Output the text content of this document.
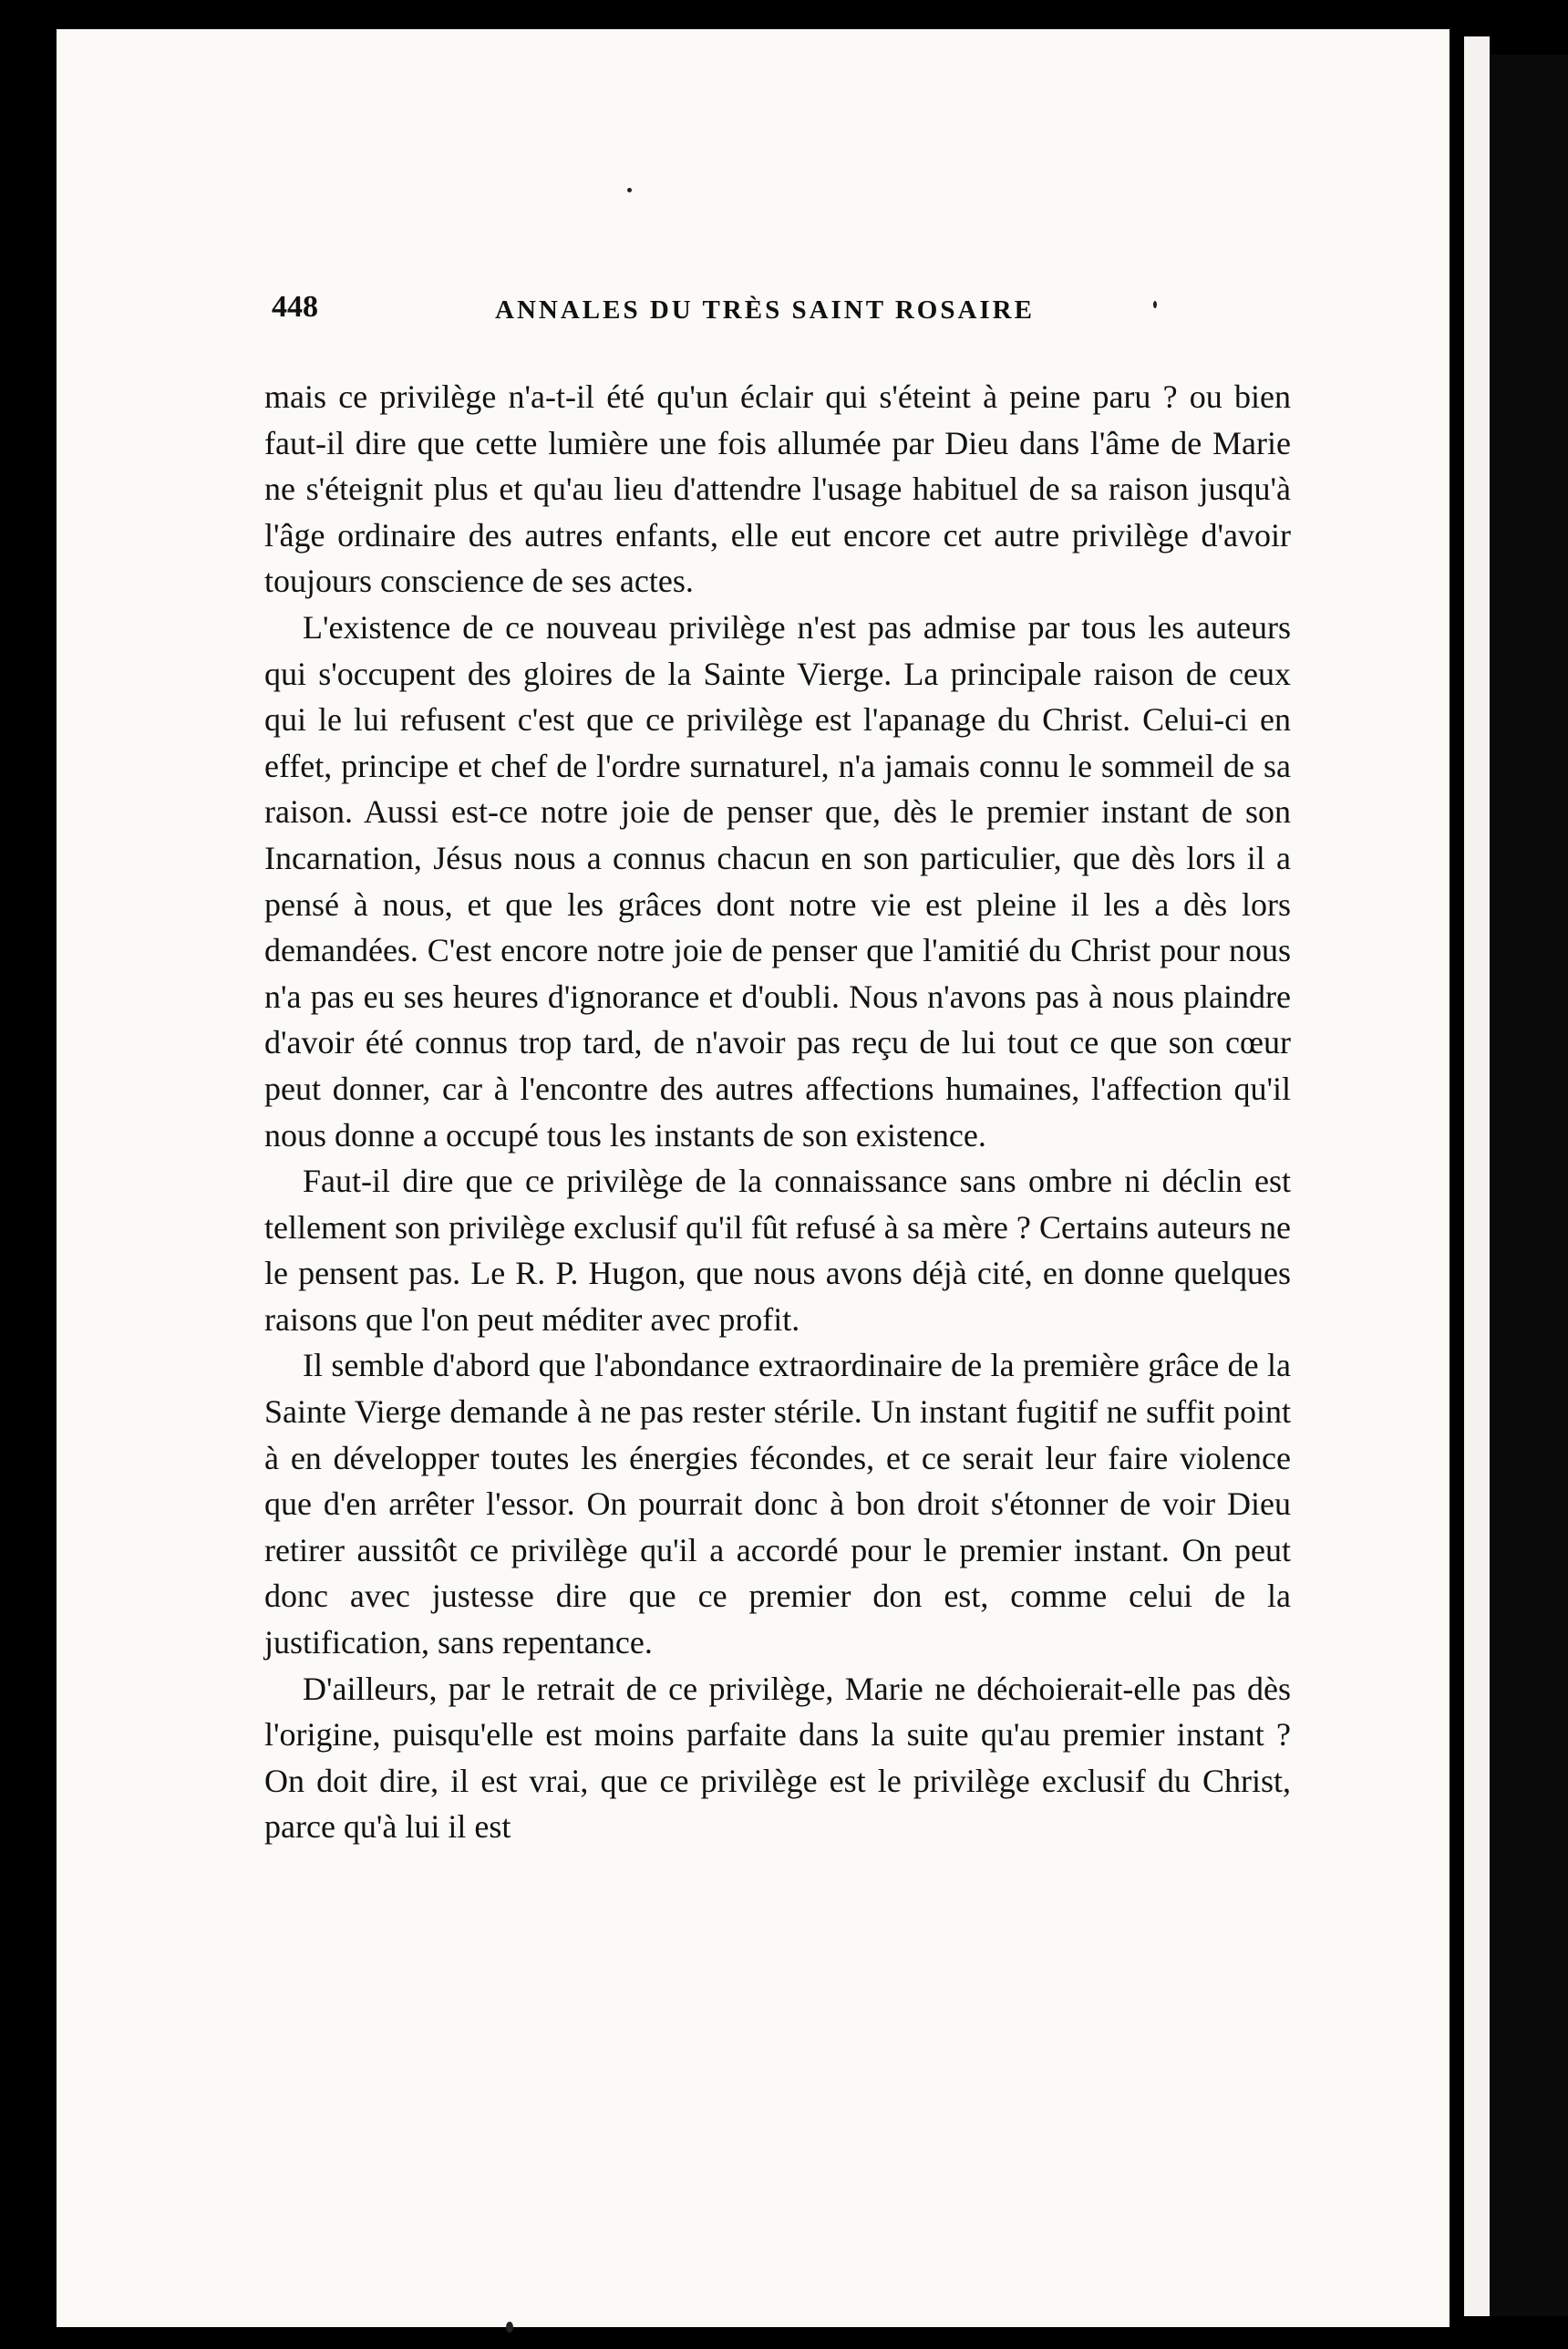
448	ANNALES DU TRÈS SAINT ROSAIRE

mais ce privilège n'a-t-il été qu'un éclair qui s'éteint à peine paru ? ou bien faut-il dire que cette lumière une fois allumée par Dieu dans l'âme de Marie ne s'éteignit plus et qu'au lieu d'attendre l'usage habituel de sa raison jusqu'à l'âge ordinaire des autres enfants, elle eut encore cet autre privilège d'avoir toujours conscience de ses actes.

L'existence de ce nouveau privilège n'est pas admise par tous les auteurs qui s'occupent des gloires de la Sainte Vierge. La principale raison de ceux qui le lui refusent c'est que ce privilège est l'apanage du Christ. Celui-ci en effet, principe et chef de l'ordre surnaturel, n'a jamais connu le sommeil de sa raison. Aussi est-ce notre joie de penser que, dès le premier instant de son Incarnation, Jésus nous a connus chacun en son particulier, que dès lors il a pensé à nous, et que les grâces dont notre vie est pleine il les a dès lors demandées. C'est encore notre joie de penser que l'amitié du Christ pour nous n'a pas eu ses heures d'ignorance et d'oubli. Nous n'avons pas à nous plaindre d'avoir été connus trop tard, de n'avoir pas reçu de lui tout ce que son cœur peut donner, car à l'encontre des autres affections humaines, l'affection qu'il nous donne a occupé tous les instants de son existence.

Faut-il dire que ce privilège de la connaissance sans ombre ni déclin est tellement son privilège exclusif qu'il fût refusé à sa mère ? Certains auteurs ne le pensent pas. Le R. P. Hugon, que nous avons déjà cité, en donne quelques raisons que l'on peut méditer avec profit.

Il semble d'abord que l'abondance extraordinaire de la première grâce de la Sainte Vierge demande à ne pas rester stérile. Un instant fugitif ne suffit point à en développer toutes les énergies fécondes, et ce serait leur faire violence que d'en arrêter l'essor. On pourrait donc à bon droit s'étonner de voir Dieu retirer aussitôt ce privilège qu'il a accordé pour le premier instant. On peut donc avec justesse dire que ce premier don est, comme celui de la justification, sans repentance.

D'ailleurs, par le retrait de ce privilège, Marie ne déchoierait-elle pas dès l'origine, puisqu'elle est moins parfaite dans la suite qu'au premier instant ? On doit dire, il est vrai, que ce privilège est le privilège exclusif du Christ, parce qu'à lui il est
